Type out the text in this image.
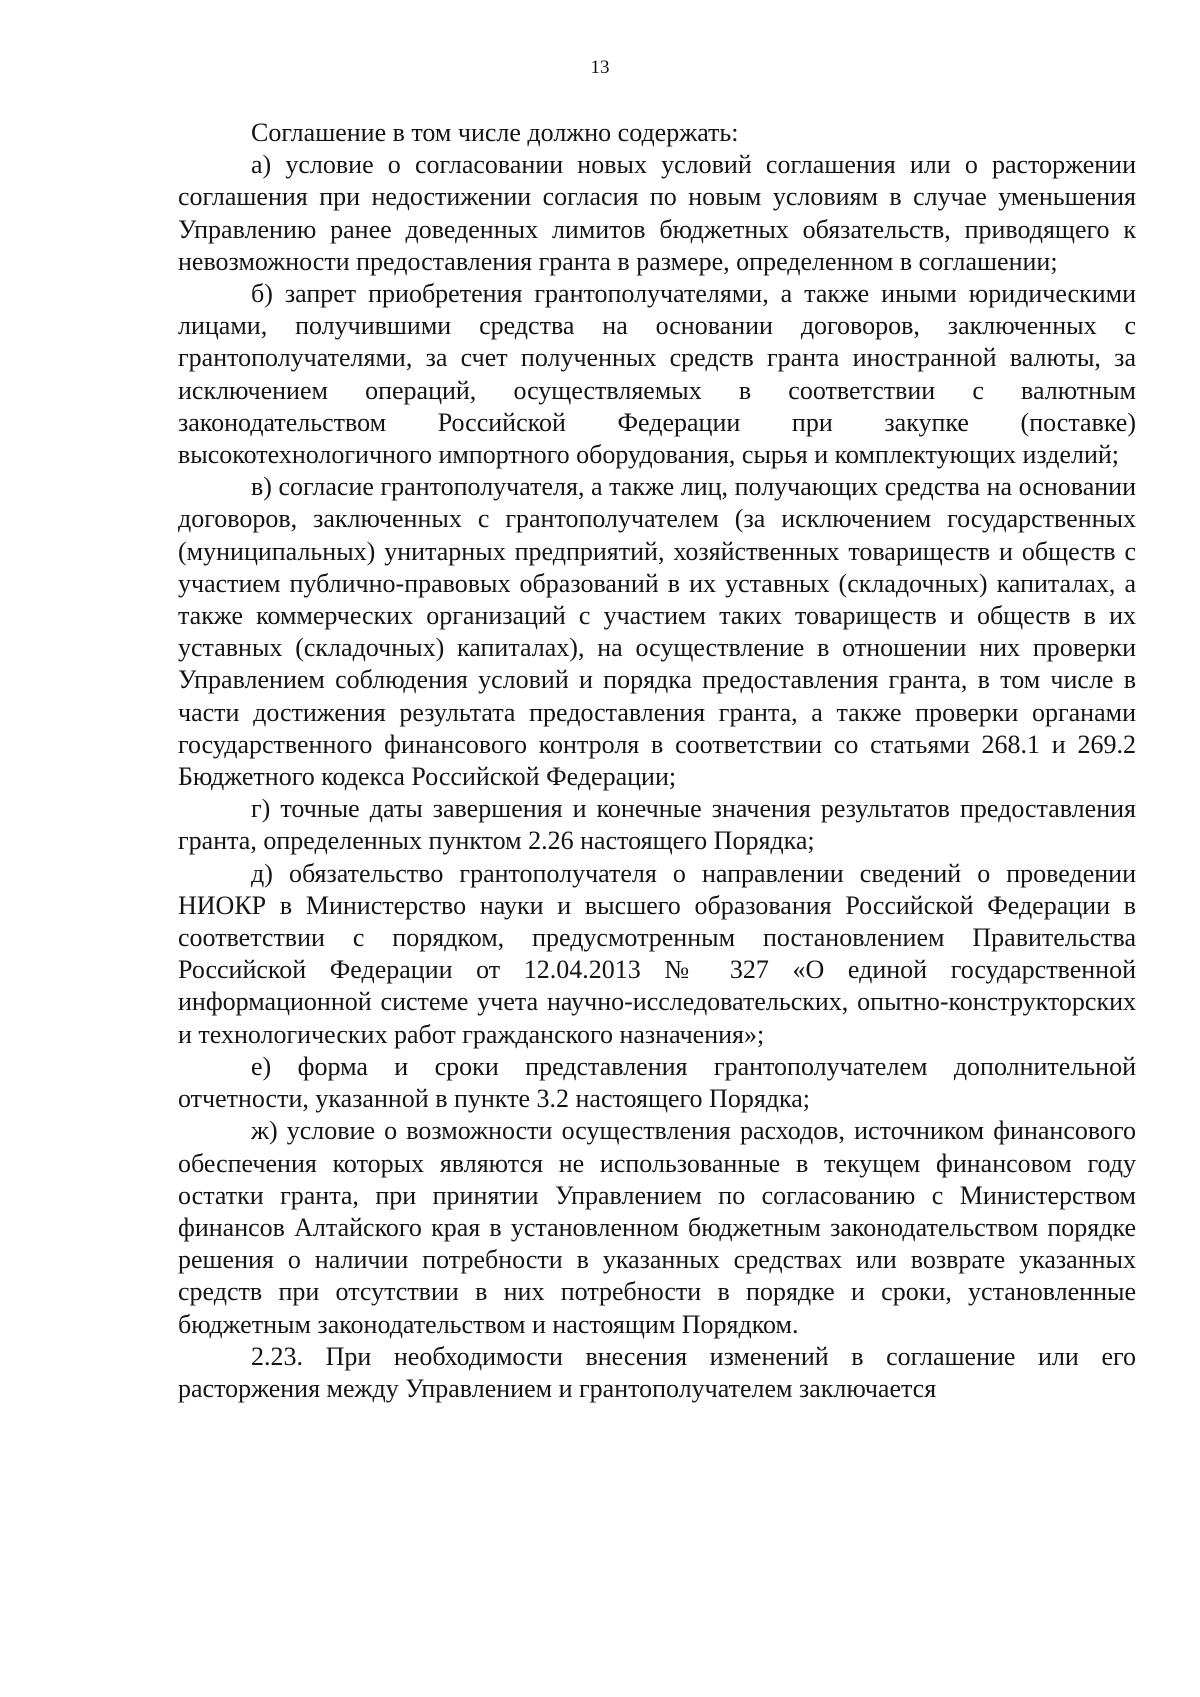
13

Соглашение в том числе должно содержать:

а) условие о согласовании новых условий соглашения или о расторжении соглашения при недостижении согласия по новым условиям в случае уменьшения Управлению ранее доведенных лимитов бюджетных обязательств, приводящего к невозможности предоставления гранта в размере, определенном в соглашении;

б) запрет приобретения грантополучателями, а также иными юридическими лицами, получившими средства на основании договоров, заключенных с грантополучателями, за счет полученных средств гранта иностранной валюты, за исключением операций, осуществляемых в соответствии с валютным законодательством Российской Федерации при закупке (поставке) высокотехнологичного импортного оборудования, сырья и комплектующих изделий;

в) согласие грантополучателя, а также лиц, получающих средства на основании договоров, заключенных с грантополучателем (за исключением государственных (муниципальных) унитарных предприятий, хозяйственных товариществ и обществ с участием публично-правовых образований в их уставных (складочных) капиталах, а также коммерческих организаций с участием таких товариществ и обществ в их уставных (складочных) капиталах), на осуществление в отношении них проверки Управлением соблюдения условий и порядка предоставления гранта, в том числе в части достижения результата предоставления гранта, а также проверки органами государственного финансового контроля в соответствии со статьями 268.1 и 269.2 Бюджетного кодекса Российской Федерации;

г) точные даты завершения и конечные значения результатов предоставления гранта, определенных пунктом 2.26 настоящего Порядка;

д) обязательство грантополучателя о направлении сведений о проведении НИОКР в Министерство науки и высшего образования Российской Федерации в соответствии с порядком, предусмотренным постановлением Правительства Российской Федерации от 12.04.2013 № 327 «О единой государственной информационной системе учета научно-исследовательских, опытно-конструкторских и технологических работ гражданского назначения»;

е) форма и сроки представления грантополучателем дополнительной отчетности, указанной в пункте 3.2 настоящего Порядка;

ж) условие о возможности осуществления расходов, источником финансового обеспечения которых являются не использованные в текущем финансовом году остатки гранта, при принятии Управлением по согласованию с Министерством финансов Алтайского края в установленном бюджетным законодательством порядке решения о наличии потребности в указанных средствах или возврате указанных средств при отсутствии в них потребности в порядке и сроки, установленные бюджетным законодательством и настоящим Порядком.

2.23. При необходимости внесения изменений в соглашение или его расторжения между Управлением и грантополучателем заключается
